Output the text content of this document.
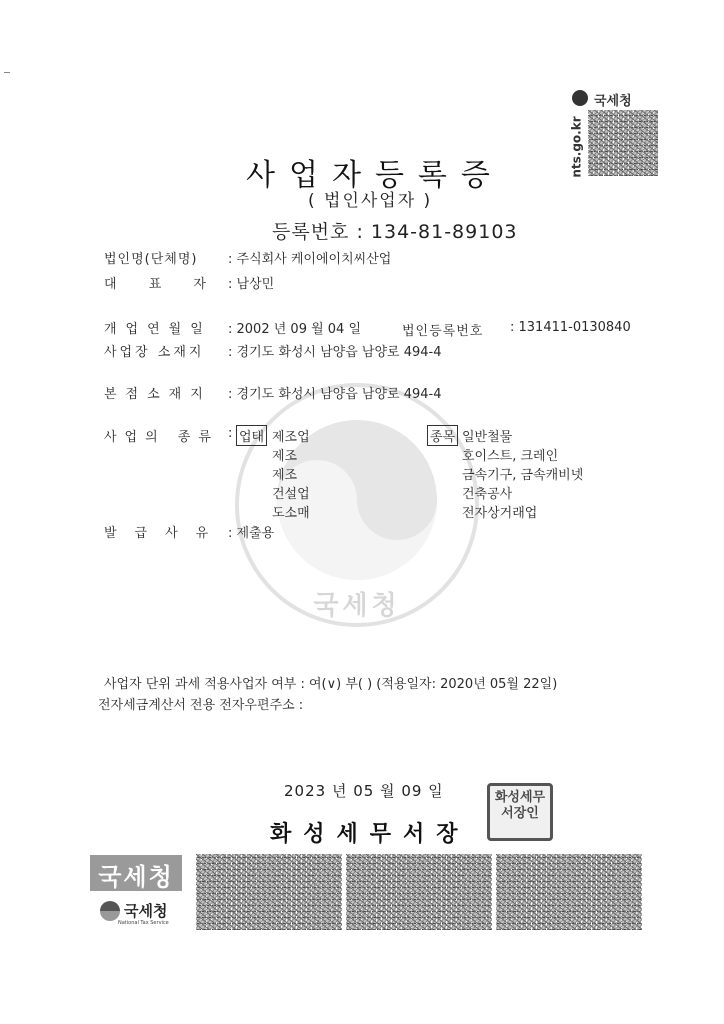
국세청
nts.go.kr
국세청
사업자등록증
( 법인사업자 )
등록번호 : 134-81-89103
법인명(단체명) : 주식회사 케이에이치씨산업
대 표 자 : 남상민
개업연월일 : 2002 년 09 월 04 일	법인등록번호 : 131411-0130840
사업장 소재지 : 경기도 화성시 남양읍 남양로 494-4
본점소재지 : 경기도 화성시 남양읍 남양로 494-4
사업의 종류 : 업태	종목
제조업	일반철물
제조	호이스트, 크레인
제조	금속기구, 금속캐비넷
건설업	건축공사
도소매	전자상거래업
발급사유 : 제출용
사업자 단위 과세 적용사업자 여부 : 여(∨) 부( ) (적용일자: 2020년 05월 22일)
전자세금계산서 전용 전자우편주소 :
2023 년 05 월 09 일
화성세무서장
화성세무서장인
국세청
국세청
National Tax Service
